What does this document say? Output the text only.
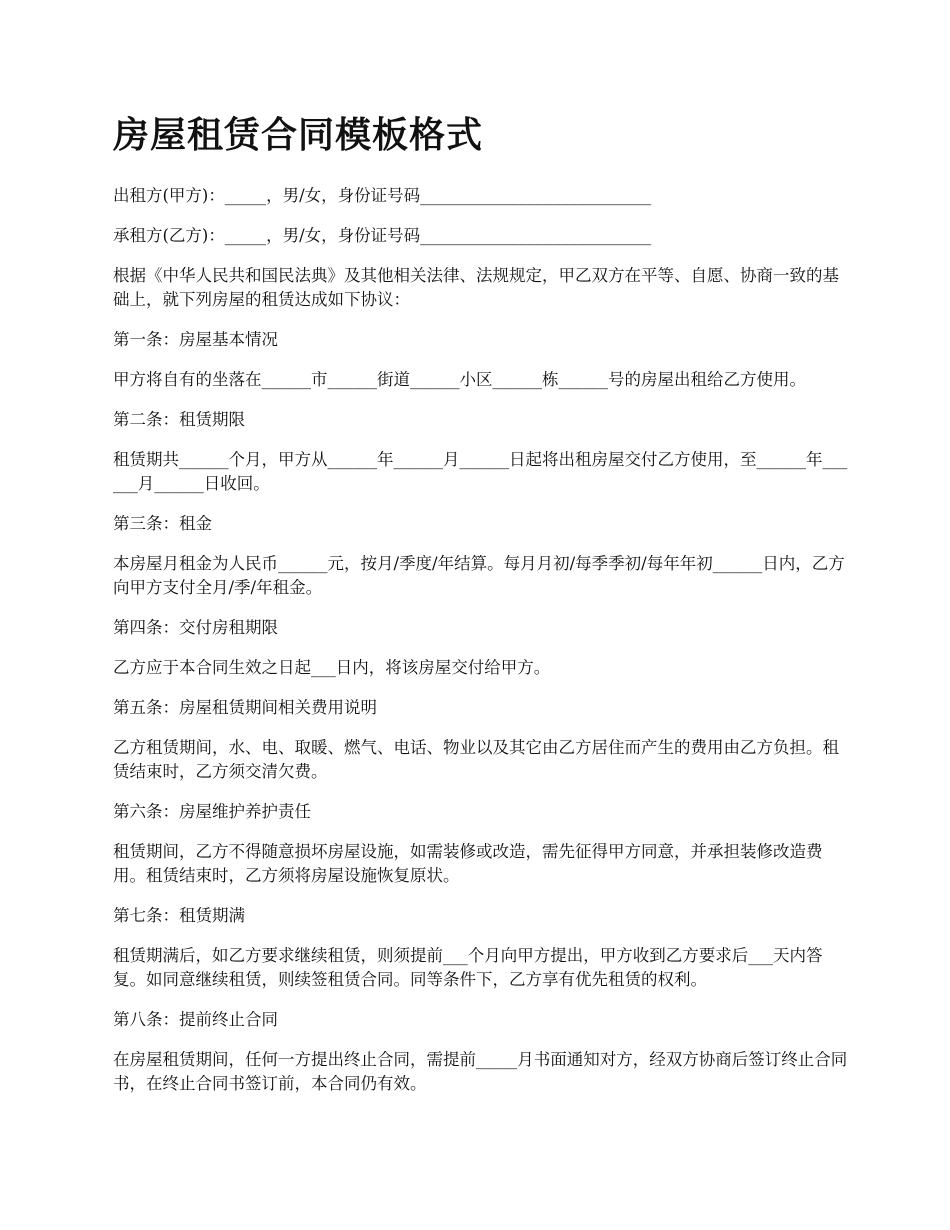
房屋租赁合同模板格式

出租方(甲方)：_____，男/女，身份证号码____________________________

承租方(乙方)：_____，男/女，身份证号码____________________________

根据《中华人民共和国民法典》及其他相关法律、法规规定，甲乙双方在平等、自愿、协商一致的基础上，就下列房屋的租赁达成如下协议：

第一条：房屋基本情况

甲方将自有的坐落在______市______街道______小区______栋______号的房屋出租给乙方使用。

第二条：租赁期限

租赁期共______个月，甲方从______年______月______日起将出租房屋交付乙方使用，至______年______月______日收回。

第三条：租金

本房屋月租金为人民币______元，按月/季度/年结算。每月月初/每季季初/每年年初______日内，乙方向甲方支付全月/季/年租金。

第四条：交付房租期限

乙方应于本合同生效之日起___日内，将该房屋交付给甲方。

第五条：房屋租赁期间相关费用说明

乙方租赁期间，水、电、取暖、燃气、电话、物业以及其它由乙方居住而产生的费用由乙方负担。租赁结束时，乙方须交清欠费。

第六条：房屋维护养护责任

租赁期间，乙方不得随意损坏房屋设施，如需装修或改造，需先征得甲方同意，并承担装修改造费用。租赁结束时，乙方须将房屋设施恢复原状。

第七条：租赁期满

租赁期满后，如乙方要求继续租赁，则须提前___个月向甲方提出，甲方收到乙方要求后___天内答复。如同意继续租赁，则续签租赁合同。同等条件下，乙方享有优先租赁的权利。

第八条：提前终止合同

在房屋租赁期间，任何一方提出终止合同，需提前_____月书面通知对方，经双方协商后签订终止合同书，在终止合同书签订前，本合同仍有效。
